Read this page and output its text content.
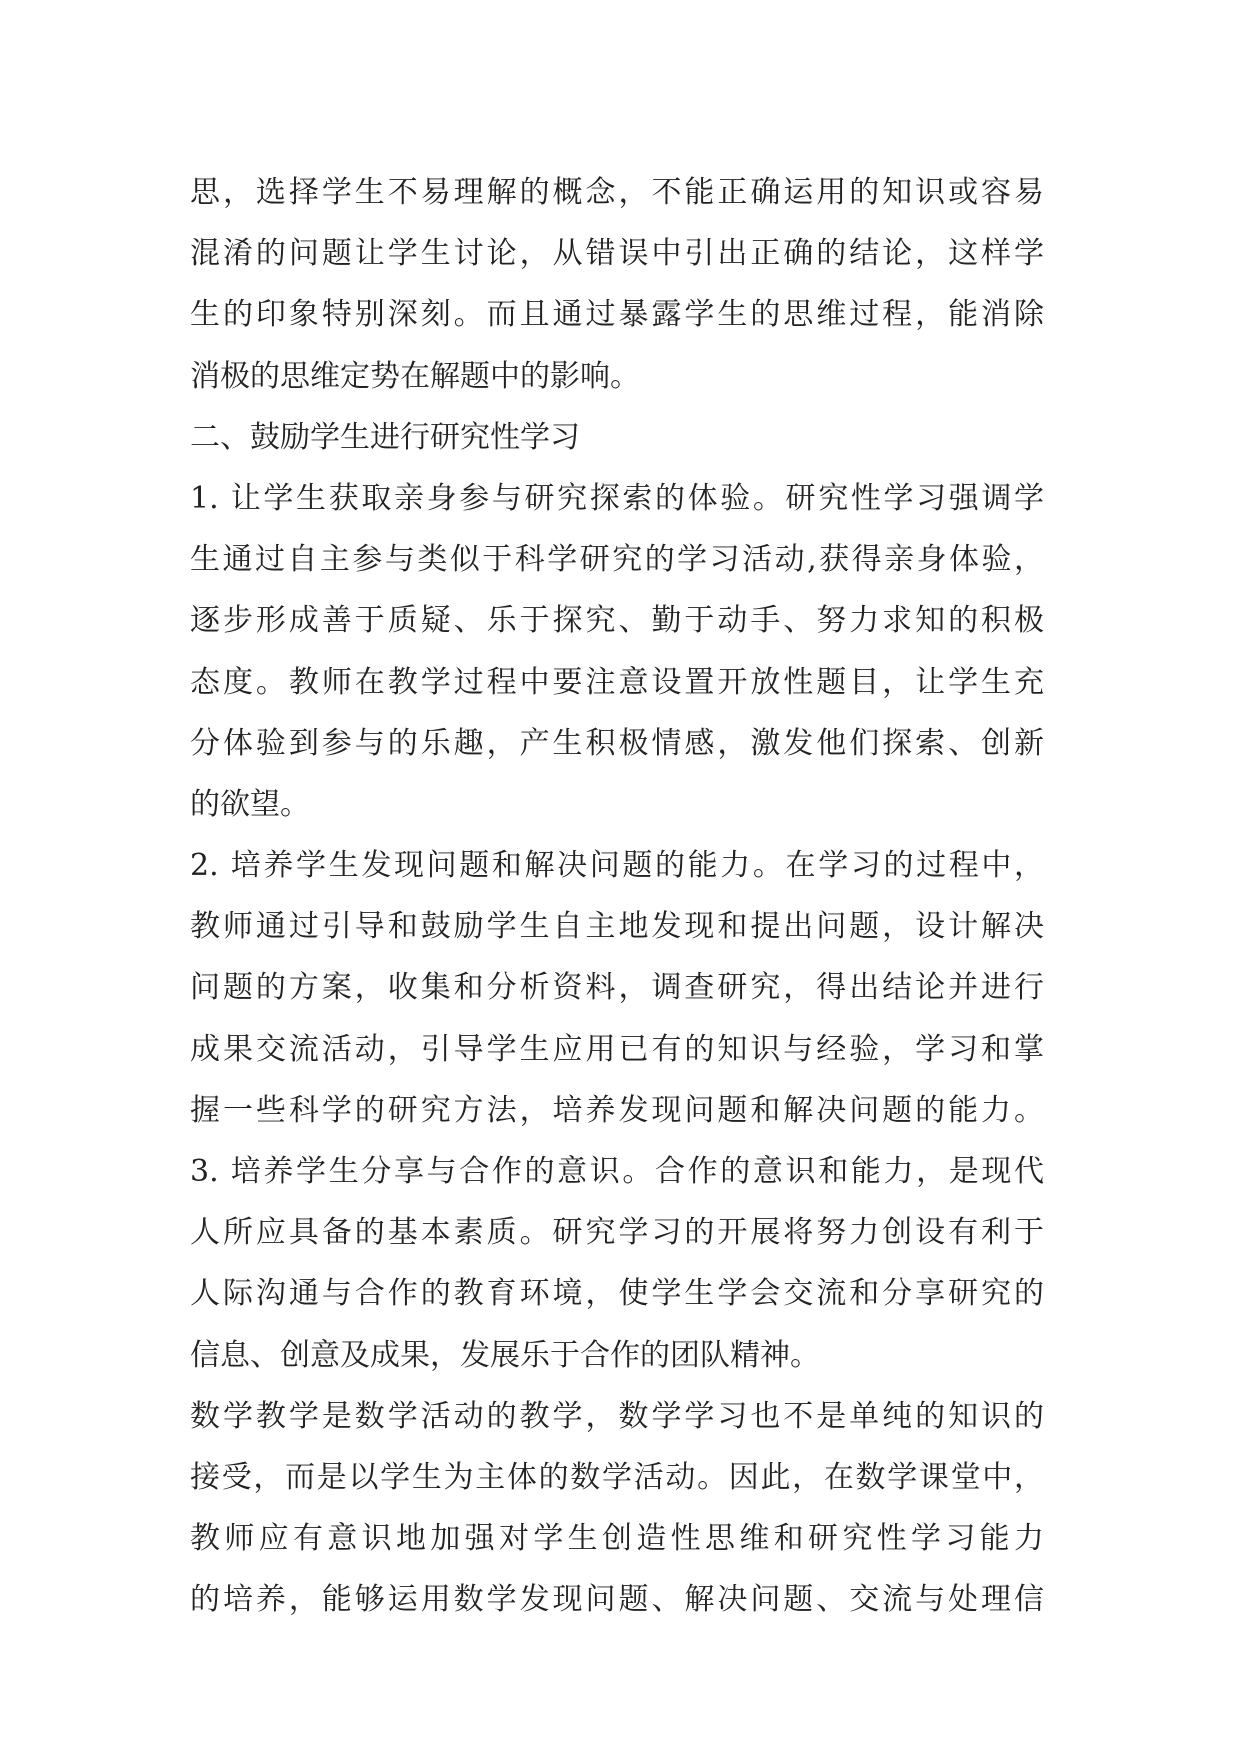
思，选择学生不易理解的概念，不能正确运用的知识或容易
混淆的问题让学生讨论，从错误中引出正确的结论，这样学
生的印象特别深刻。而且通过暴露学生的思维过程，能消除
消极的思维定势在解题中的影响。
二、鼓励学生进行研究性学习
1. 让学生获取亲身参与研究探索的体验。研究性学习强调学
生通过自主参与类似于科学研究的学习活动,获得亲身体验，
逐步形成善于质疑、乐于探究、勤于动手、努力求知的积极
态度。教师在教学过程中要注意设置开放性题目，让学生充
分体验到参与的乐趣，产生积极情感，激发他们探索、创新
的欲望。
2. 培养学生发现问题和解决问题的能力。在学习的过程中，
教师通过引导和鼓励学生自主地发现和提出问题，设计解决
问题的方案，收集和分析资料，调查研究，得出结论并进行
成果交流活动，引导学生应用已有的知识与经验，学习和掌
握一些科学的研究方法，培养发现问题和解决问题的能力。
3. 培养学生分享与合作的意识。合作的意识和能力，是现代
人所应具备的基本素质。研究学习的开展将努力创设有利于
人际沟通与合作的教育环境，使学生学会交流和分享研究的
信息、创意及成果，发展乐于合作的团队精神。
数学教学是数学活动的教学，数学学习也不是单纯的知识的
接受，而是以学生为主体的数学活动。因此，在数学课堂中，
教师应有意识地加强对学生创造性思维和研究性学习能力
的培养，能够运用数学发现问题、解决问题、交流与处理信
